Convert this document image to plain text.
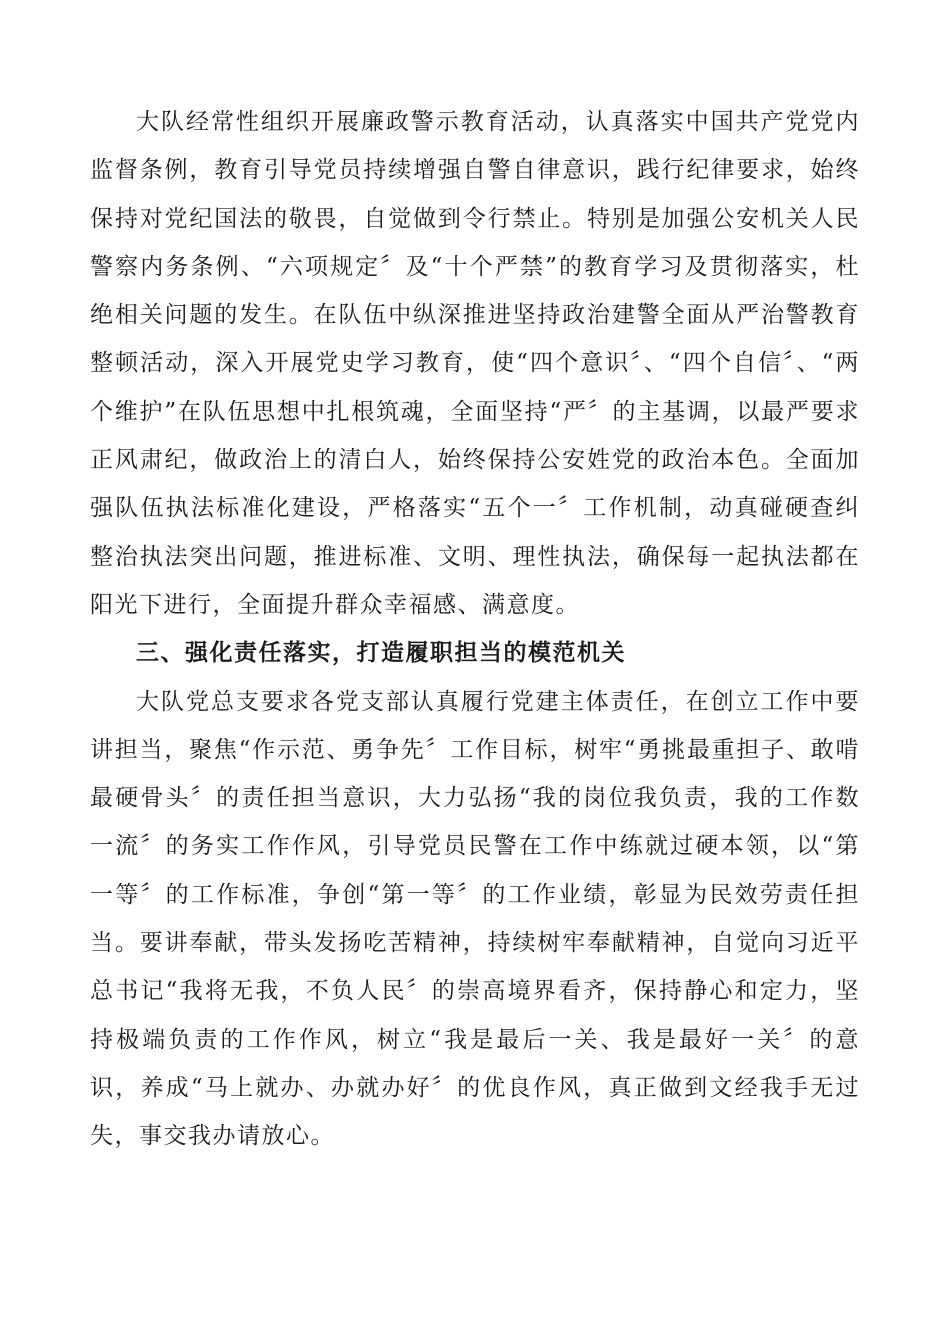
大队经常性组织开展廉政警示教育活动，认真落实中国共产党党内监督条例，教育引导党员持续增强自警自律意识，践行纪律要求，始终保持对党纪国法的敬畏，自觉做到令行禁止。特别是加强公安机关人民警察内务条例、“六项规定〞及“十个严禁”的教育学习及贯彻落实，杜绝相关问题的发生。在队伍中纵深推进坚持政治建警全面从严治警教育整顿活动，深入开展党史学习教育，使“四个意识〞、“四个自信〞、“两个维护”在队伍思想中扎根筑魂，全面坚持“严〞的主基调，以最严要求正风肃纪，做政治上的清白人，始终保持公安姓党的政治本色。全面加强队伍执法标准化建设，严格落实“五个一〞工作机制，动真碰硬查纠整治执法突出问题，推进标准、文明、理性执法，确保每一起执法都在阳光下进行，全面提升群众幸福感、满意度。

三、强化责任落实，打造履职担当的模范机关

大队党总支要求各党支部认真履行党建主体责任，在创立工作中要讲担当，聚焦“作示范、勇争先〞工作目标，树牢“勇挑最重担子、敢啃最硬骨头〞的责任担当意识，大力弘扬“我的岗位我负责，我的工作数一流〞的务实工作作风，引导党员民警在工作中练就过硬本领，以“第一等〞的工作标准，争创“第一等〞的工作业绩，彰显为民效劳责任担当。要讲奉献，带头发扬吃苦精神，持续树牢奉献精神，自觉向习近平总书记“我将无我，不负人民〞的崇高境界看齐，保持静心和定力，坚持极端负责的工作作风，树立“我是最后一关、我是最好一关〞的意识，养成“马上就办、办就办好〞的优良作风，真正做到文经我手无过失，事交我办请放心。
